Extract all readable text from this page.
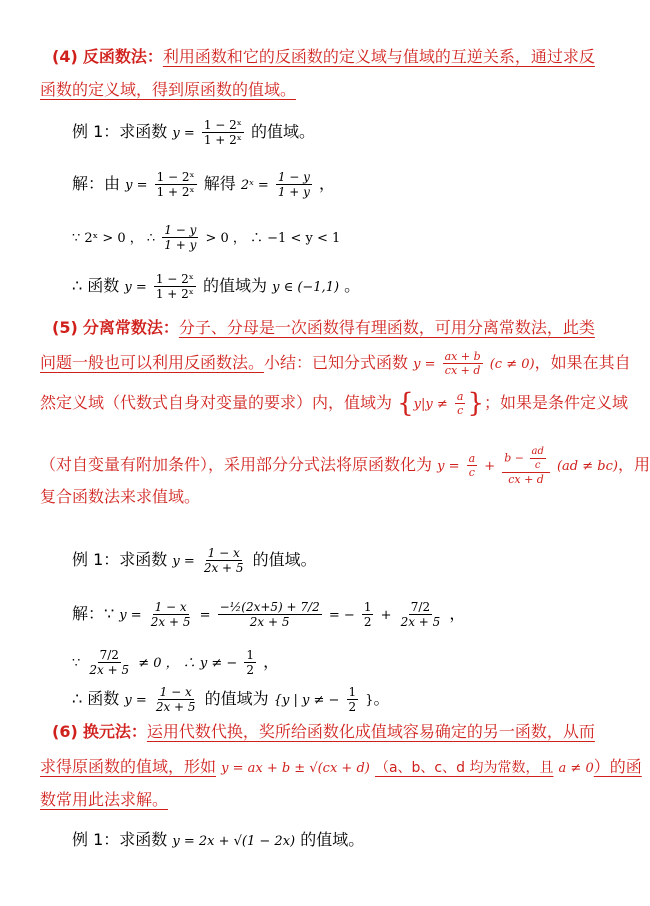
(4) 反函数法：利用函数和它的反函数的定义域与值域的互逆关系，通过求反
函数的定义域，得到原函数的值域。
例 1：求函数 $y = \frac{\text{1 − 2ˣ}}{\text{1 + 2ˣ}}$ 的值域。
解：由 $y = \frac{\text{1 − 2ˣ}}{\text{1 + 2ˣ}}$ 解得 2ˣ = $\frac{1 - y}{1 + y}$ ，
∵ 2ˣ > 0 ， ∴ $\frac{1 - y}{1 + y} > 0$ ， ∴ −1 < y < 1
∴ 函数 $y = \frac{\text{1 − 2ˣ}}{\text{1 + 2ˣ}}$ 的值域为 y ∈ (−1,1) 。
(5) 分离常数法：分子、分母是一次函数得有理函数，可用分离常数法，此类
问题一般也可以利用反函数法。小结：已知分式函数 $y = \frac{ax + b}{cx + d} (c \ne 0)$，如果在其自
然定义域（代数式自身对变量的要求）内，值域为 {$y|y \ne \frac{a}{c}$ }；如果是条件定义域
（对自变量有附加条件），采用部分分式法将原函数化为 $y = \frac{a}{c} + \frac{b - \frac{ad}{c}}{cx + d} (ad \ne bc)$，用
复合函数法来求值域。
例 1：求函数 $y = \frac{1 - x}{2x + 5}$ 的值域。
解：∵ $y = \frac{1 - x}{2x + 5} = \frac{\text{−½(2x+5) + 7/2}}{2x + 5}$ = − $\frac{1}{2} + \frac{7/2}{2x + 5}$ ，
∵ $\frac{7/2}{2x + 5} \ne 0$ ， ∴ y ≠ − $\frac{1}{2}$ ，
∴ 函数 $y = \frac{1 - x}{2x + 5}$ 的值域为 {y | y ≠ − $\frac{1}{2}$ }。
(6) 换元法：运用代数代换，奖所给函数化成值域容易确定的另一函数，从而
求得原函数的值域，形如 y = ax + b ± √(cx + d) （a、b、c、d 均为常数，且 a ≠ 0）的函
数常用此法求解。
例 1：求函数 y = 2x + √(1 − 2x) 的值域。
